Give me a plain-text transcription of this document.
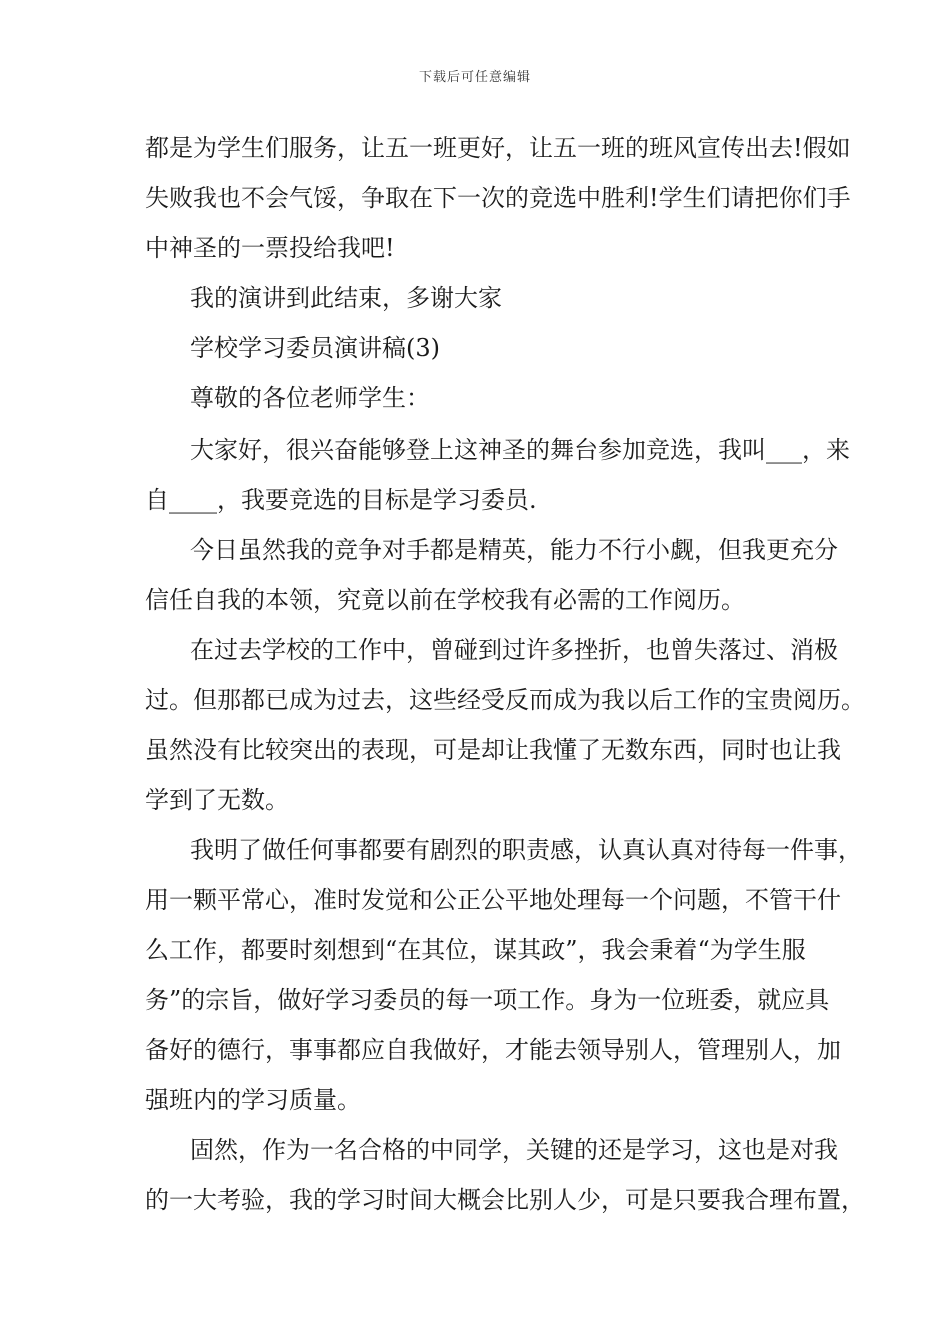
下载后可任意编辑
都是为学生们服务，让五一班更好，让五一班的班风宣传出去!假如
失败我也不会气馁，争取在下一次的竞选中胜利!学生们请把你们手
中神圣的一票投给我吧!
我的演讲到此结束，多谢大家
学校学习委员演讲稿(3)
尊敬的各位老师学生：
大家好，很兴奋能够登上这神圣的舞台参加竞选，我叫___，来
自____，我要竞选的目标是学习委员.
今日虽然我的竞争对手都是精英，能力不行小觑，但我更充分
信任自我的本领，究竟以前在学校我有必需的工作阅历。
在过去学校的工作中，曾碰到过许多挫折，也曾失落过、消极
过。但那都已成为过去，这些经受反而成为我以后工作的宝贵阅历。
虽然没有比较突出的表现，可是却让我懂了无数东西，同时也让我
学到了无数。
我明了做任何事都要有剧烈的职责感，认真认真对待每一件事，
用一颗平常心，准时发觉和公正公平地处理每一个问题，不管干什
么工作，都要时刻想到“在其位，谋其政”，我会秉着“为学生服
务”的宗旨，做好学习委员的每一项工作。身为一位班委，就应具
备好的德行，事事都应自我做好，才能去领导别人，管理别人，加
强班内的学习质量。
固然，作为一名合格的中同学，关键的还是学习，这也是对我
的一大考验，我的学习时间大概会比别人少，可是只要我合理布置，
